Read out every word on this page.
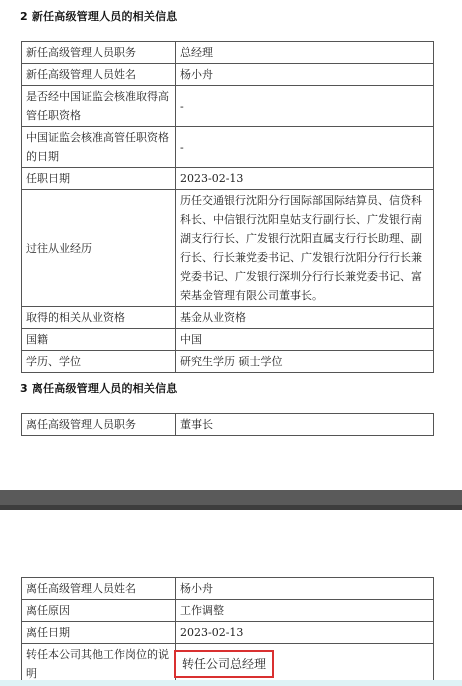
2 新任高级管理人员的相关信息
新任高级管理人员职务	总经理
新任高级管理人员姓名	杨小舟
是否经中国证监会核准取得高管任职资格	-
中国证监会核准高管任职资格的日期	-
任职日期	2023-02-13
过往从业经历	历任交通银行沈阳分行国际部国际结算员、信贷科科长、中信银行沈阳皇姑支行副行长、广发银行南湖支行行长、广发银行沈阳直属支行行长助理、副行长、行长兼党委书记、广发银行沈阳分行行长兼党委书记、广发银行深圳分行行长兼党委书记、富荣基金管理有限公司董事长。
取得的相关从业资格	基金从业资格
国籍	中国
学历、学位	研究生学历 硕士学位
3 离任高级管理人员的相关信息
离任高级管理人员职务	董事长
离任高级管理人员姓名	杨小舟
离任原因	工作调整
离任日期	2023-02-13
转任本公司其他工作岗位的说明	转任公司总经理
